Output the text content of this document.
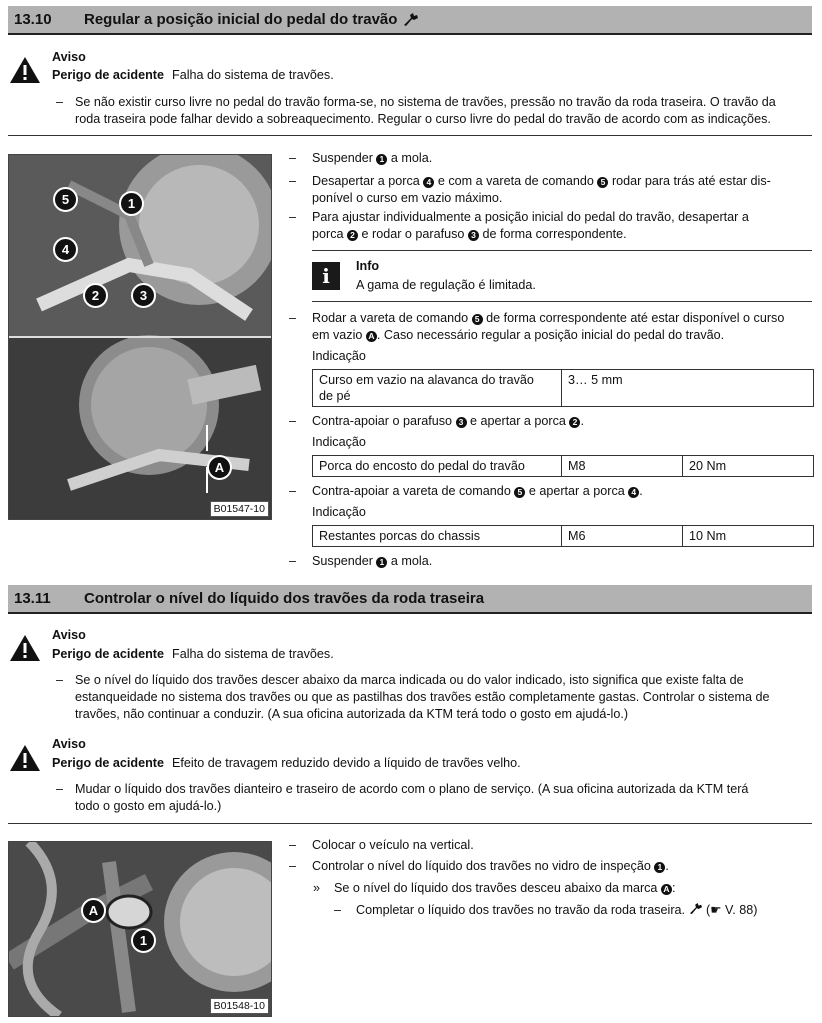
13.10	Regular a posição inicial do pedal do travão
Aviso
Perigo de acidente Falha do sistema de travões.
– Se não existir curso livre no pedal do travão forma-se, no sistema de travões, pressão no travão da roda traseira. O travão da
roda traseira pode falhar devido a sobreaquecimento. Regular o curso livre do pedal do travão de acordo com as indicações.
1
5
4
2	3
A
B01547-10
– Suspender 1 a mola.
– Desapertar a porca 4 e com a vareta de comando 5 rodar para trás até estar dis-
ponível o curso em vazio máximo.
– Para ajustar individualmente a posição inicial do pedal do travão, desapertar a
porca 2 e rodar o parafuso 3 de forma correspondente.
i	Info
A gama de regulação é limitada.
– Rodar a vareta de comando 5 de forma correspondente até estar disponível o curso
em vazio A . Caso necessário regular a posição inicial do pedal do travão.
Indicação
Curso em vazio na alavanca do travão
de pé	3… 5 mm
– Contra-apoiar o parafuso 3 e apertar a porca 2 .
Indicação
Porca do encosto do pedal do travão	M8	20 Nm
– Contra-apoiar a vareta de comando 5 e apertar a porca 4 .
Indicação
Restantes porcas do chassis	M6	10 Nm
– Suspender 1 a mola.
13.11	Controlar o nível do líquido dos travões da roda traseira
Aviso
Perigo de acidente Falha do sistema de travões.
– Se o nível do líquido dos travões descer abaixo da marca indicada ou do valor indicado, isto significa que existe falta de
estanqueidade no sistema dos travões ou que as pastilhas dos travões estão completamente gastas. Controlar o sistema de
travões, não continuar a conduzir. (A sua oficina autorizada da KTM terá todo o gosto em ajudá-lo.)
Aviso
Perigo de acidente Efeito de travagem reduzido devido a líquido de travões velho.
– Mudar o líquido dos travões dianteiro e traseiro de acordo com o plano de serviço. (A sua oficina autorizada da KTM terá
todo o gosto em ajudá-lo.)
A
1
B01548-10
– Colocar o veículo na vertical.
– Controlar o nível do líquido dos travões no vidro de inspeção 1 .
» Se o nível do líquido dos travões desceu abaixo da marca A :
– Completar o líquido dos travões no travão da roda traseira. (☛ V. 88)
